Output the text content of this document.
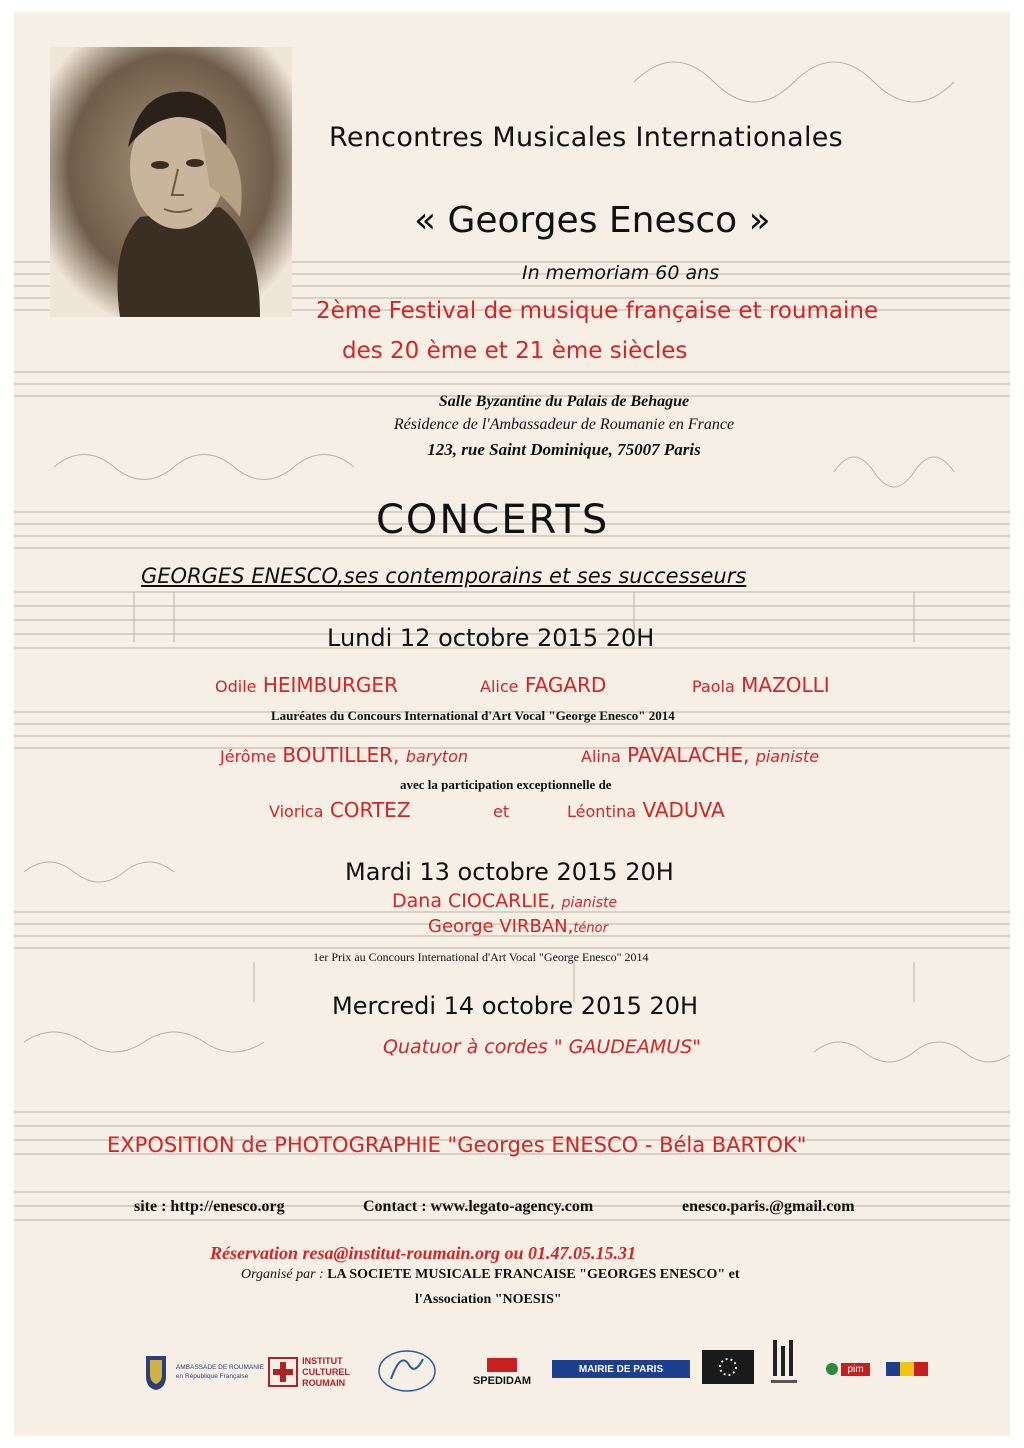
Rencontres Musicales Internationales
« Georges Enesco »
In memoriam 60 ans
2ème Festival de musique française et roumaine
des 20 ème et 21 ème siècles
Salle Byzantine du Palais de Behague
Résidence de l'Ambassadeur de Roumanie en France
123, rue Saint Dominique, 75007 Paris
CONCERTS
GEORGES ENESCO,ses contemporains et ses successeurs
Lundi 12 octobre 2015 20H
Odile HEIMBURGER	Alice FAGARD	Paola MAZOLLI
Lauréates du Concours International d'Art Vocal "George Enesco" 2014
Jérôme BOUTILLER, baryton	Alina PAVALACHE, pianiste
avec la participation exceptionnelle de
Viorica CORTEZ	et	Léontina VADUVA
Mardi 13 octobre 2015 20H
Dana CIOCARLIE, pianiste
George VIRBAN,ténor
1er Prix au Concours International d'Art Vocal "George Enesco" 2014
Mercredi 14 octobre 2015 20H
Quatuor à cordes " GAUDEAMUS"
EXPOSITION de PHOTOGRAPHIE "Georges ENESCO - Béla BARTOK"
site : http://enesco.org	Contact : www.legato-agency.com	enesco.paris.@gmail.com
Réservation resa@institut-roumain.org ou 01.47.05.15.31
Organisé par : LA SOCIETE MUSICALE FRANCAISE "GEORGES ENESCO" et
l'Association "NOESIS"
AMBASSADE DE ROUMANIE
en République Française
INSTITUT
CULTUREL
ROUMAIN	SPEDIDAM
MAIRIE DE PARIS	pim
